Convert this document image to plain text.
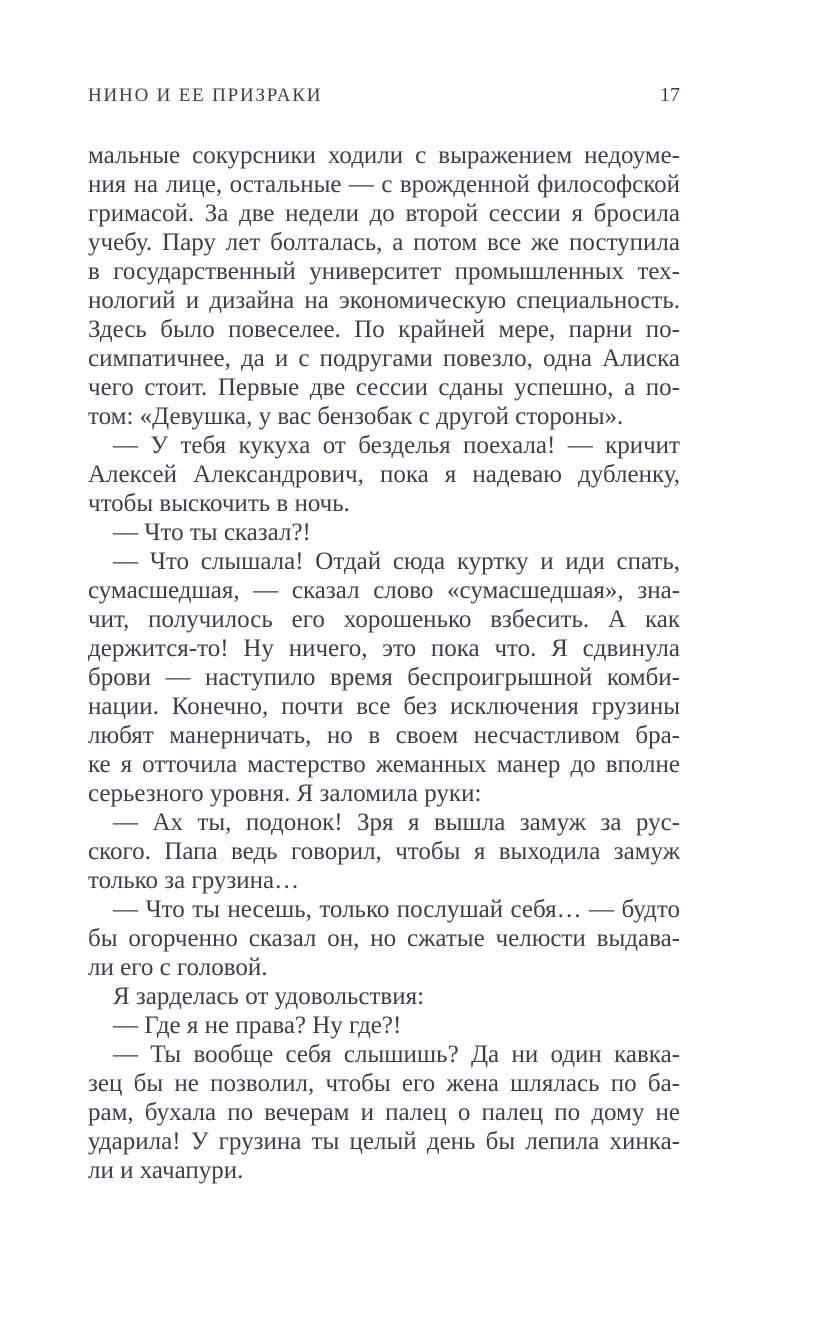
НИНО И ЕЕ ПРИЗРАКИ	17
мальные сокурсники ходили с выражением недоуме-
ния на лице, остальные — с врожденной философской
гримасой. За две недели до второй сессии я бросила
учебу. Пару лет болталась, а потом все же поступила
в государственный университет промышленных тех-
нологий и дизайна на экономическую специальность.
Здесь было повеселее. По крайней мере, парни по-
симпатичнее, да и с подругами повезло, одна Алиска
чего стоит. Первые две сессии сданы успешно, а по-
том: «Девушка, у вас бензобак с другой стороны».
— У тебя кукуха от безделья поехала! — кричит
Алексей Александрович, пока я надеваю дубленку,
чтобы выскочить в ночь.
— Что ты сказал?!
— Что слышала! Отдай сюда куртку и иди спать,
сумасшедшая, — сказал слово «сумасшедшая», зна-
чит, получилось его хорошенько взбесить. А как
держится-то! Ну ничего, это пока что. Я сдвинула
брови — наступило время беспроигрышной комби-
нации. Конечно, почти все без исключения грузины
любят манерничать, но в своем несчастливом бра-
ке я отточила мастерство жеманных манер до вполне
серьезного уровня. Я заломила руки:
— Ах ты, подонок! Зря я вышла замуж за рус-
ского. Папа ведь говорил, чтобы я выходила замуж
только за грузина…
— Что ты несешь, только послушай себя… — будто
бы огорченно сказал он, но сжатые челюсти выдава-
ли его с головой.
Я зарделась от удовольствия:
— Где я не права? Ну где?!
— Ты вообще себя слышишь? Да ни один кавка-
зец бы не позволил, чтобы его жена шлялась по ба-
рам, бухала по вечерам и палец о палец по дому не
ударила! У грузина ты целый день бы лепила хинка-
ли и хачапури.
